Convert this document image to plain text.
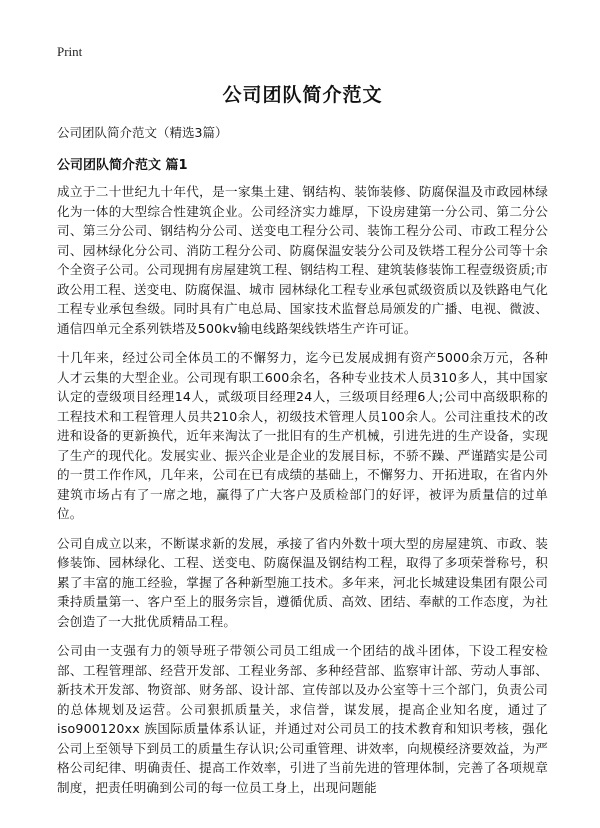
Print
公司团队简介范文

公司团队简介范文（精选3篇）

公司团队简介范文 篇1

成立于二十世纪九十年代，是一家集土建、钢结构、装饰装修、防腐保温及市政园林绿化为一体的大型综合性建筑企业。公司经济实力雄厚，下设房建第一分公司、第二分公司、第三分公司、钢结构分公司、送变电工程分公司、装饰工程分公司、市政工程分公司、园林绿化分公司、消防工程分公司、防腐保温安装分公司及铁塔工程分公司等十余个全资子公司。公司现拥有房屋建筑工程、钢结构工程、建筑装修装饰工程壹级资质;市政公用工程、送变电、防腐保温、城市 园林绿化工程专业承包贰级资质以及铁路电气化工程专业承包叁级。同时具有广电总局、国家技术监督总局颁发的广播、电视、微波、通信四单元全系列铁塔及500kv输电线路架线铁塔生产许可证。

十几年来，经过公司全体员工的不懈努力，迄今已发展成拥有资产5000余万元，各种人才云集的大型企业。公司现有职工600余名，各种专业技术人员310多人，其中国家认定的壹级项目经理14人，贰级项目经理24人，三级项目经理6人;公司中高级职称的工程技术和工程管理人员共210余人，初级技术管理人员100余人。公司注重技术的改进和设备的更新换代，近年来淘汰了一批旧有的生产机械，引进先进的生产设备，实现了生产的现代化。发展实业、振兴企业是企业的发展目标，不骄不躁、严谨踏实是公司的一贯工作作风，几年来，公司在已有成绩的基础上，不懈努力、开拓进取，在省内外建筑市场占有了一席之地，赢得了广大客户及质检部门的好评，被评为质量信的过单位。

公司自成立以来，不断谋求新的发展，承接了省内外数十项大型的房屋建筑、市政、装修装饰、园林绿化、工程、送变电、防腐保温及钢结构工程，取得了多项荣誉称号，积累了丰富的施工经验，掌握了各种新型施工技术。多年来，河北长城建设集团有限公司秉持质量第一、客户至上的服务宗旨，遵循优质、高效、团结、奉献的工作态度，为社会创造了一大批优质精品工程。

公司由一支强有力的领导班子带领公司员工组成一个团结的战斗团体，下设工程安检部、工程管理部、经营开发部、工程业务部、多种经营部、监察审计部、劳动人事部、新技术开发部、物资部、财务部、设计部、宣传部以及办公室等十三个部门，负责公司的总体规划及运营。公司狠抓质量关，求信誉，谋发展，提高企业知名度，通过了iso900120xx 族国际质量体系认证，并通过对公司员工的技术教育和知识考核，强化公司上至领导下到员工的质量生存认识;公司重管理、讲效率，向规模经济要效益，为严格公司纪律、明确责任、提高工作效率，引进了当前先进的管理体制，完善了各项规章制度，把责任明确到公司的每一位员工身上，出现问题能
